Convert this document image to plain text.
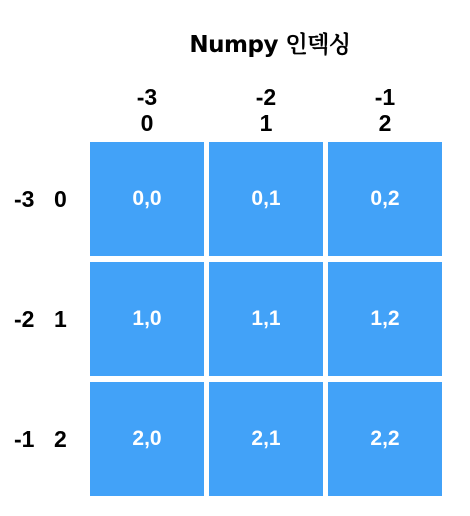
Numpy 인덱싱
-3
0
-2
1
-1
2
-3 0
-2 1
-1 2
0,0	0,1	0,2
1,0	1,1	1,2
2,0	2,1	2,2
